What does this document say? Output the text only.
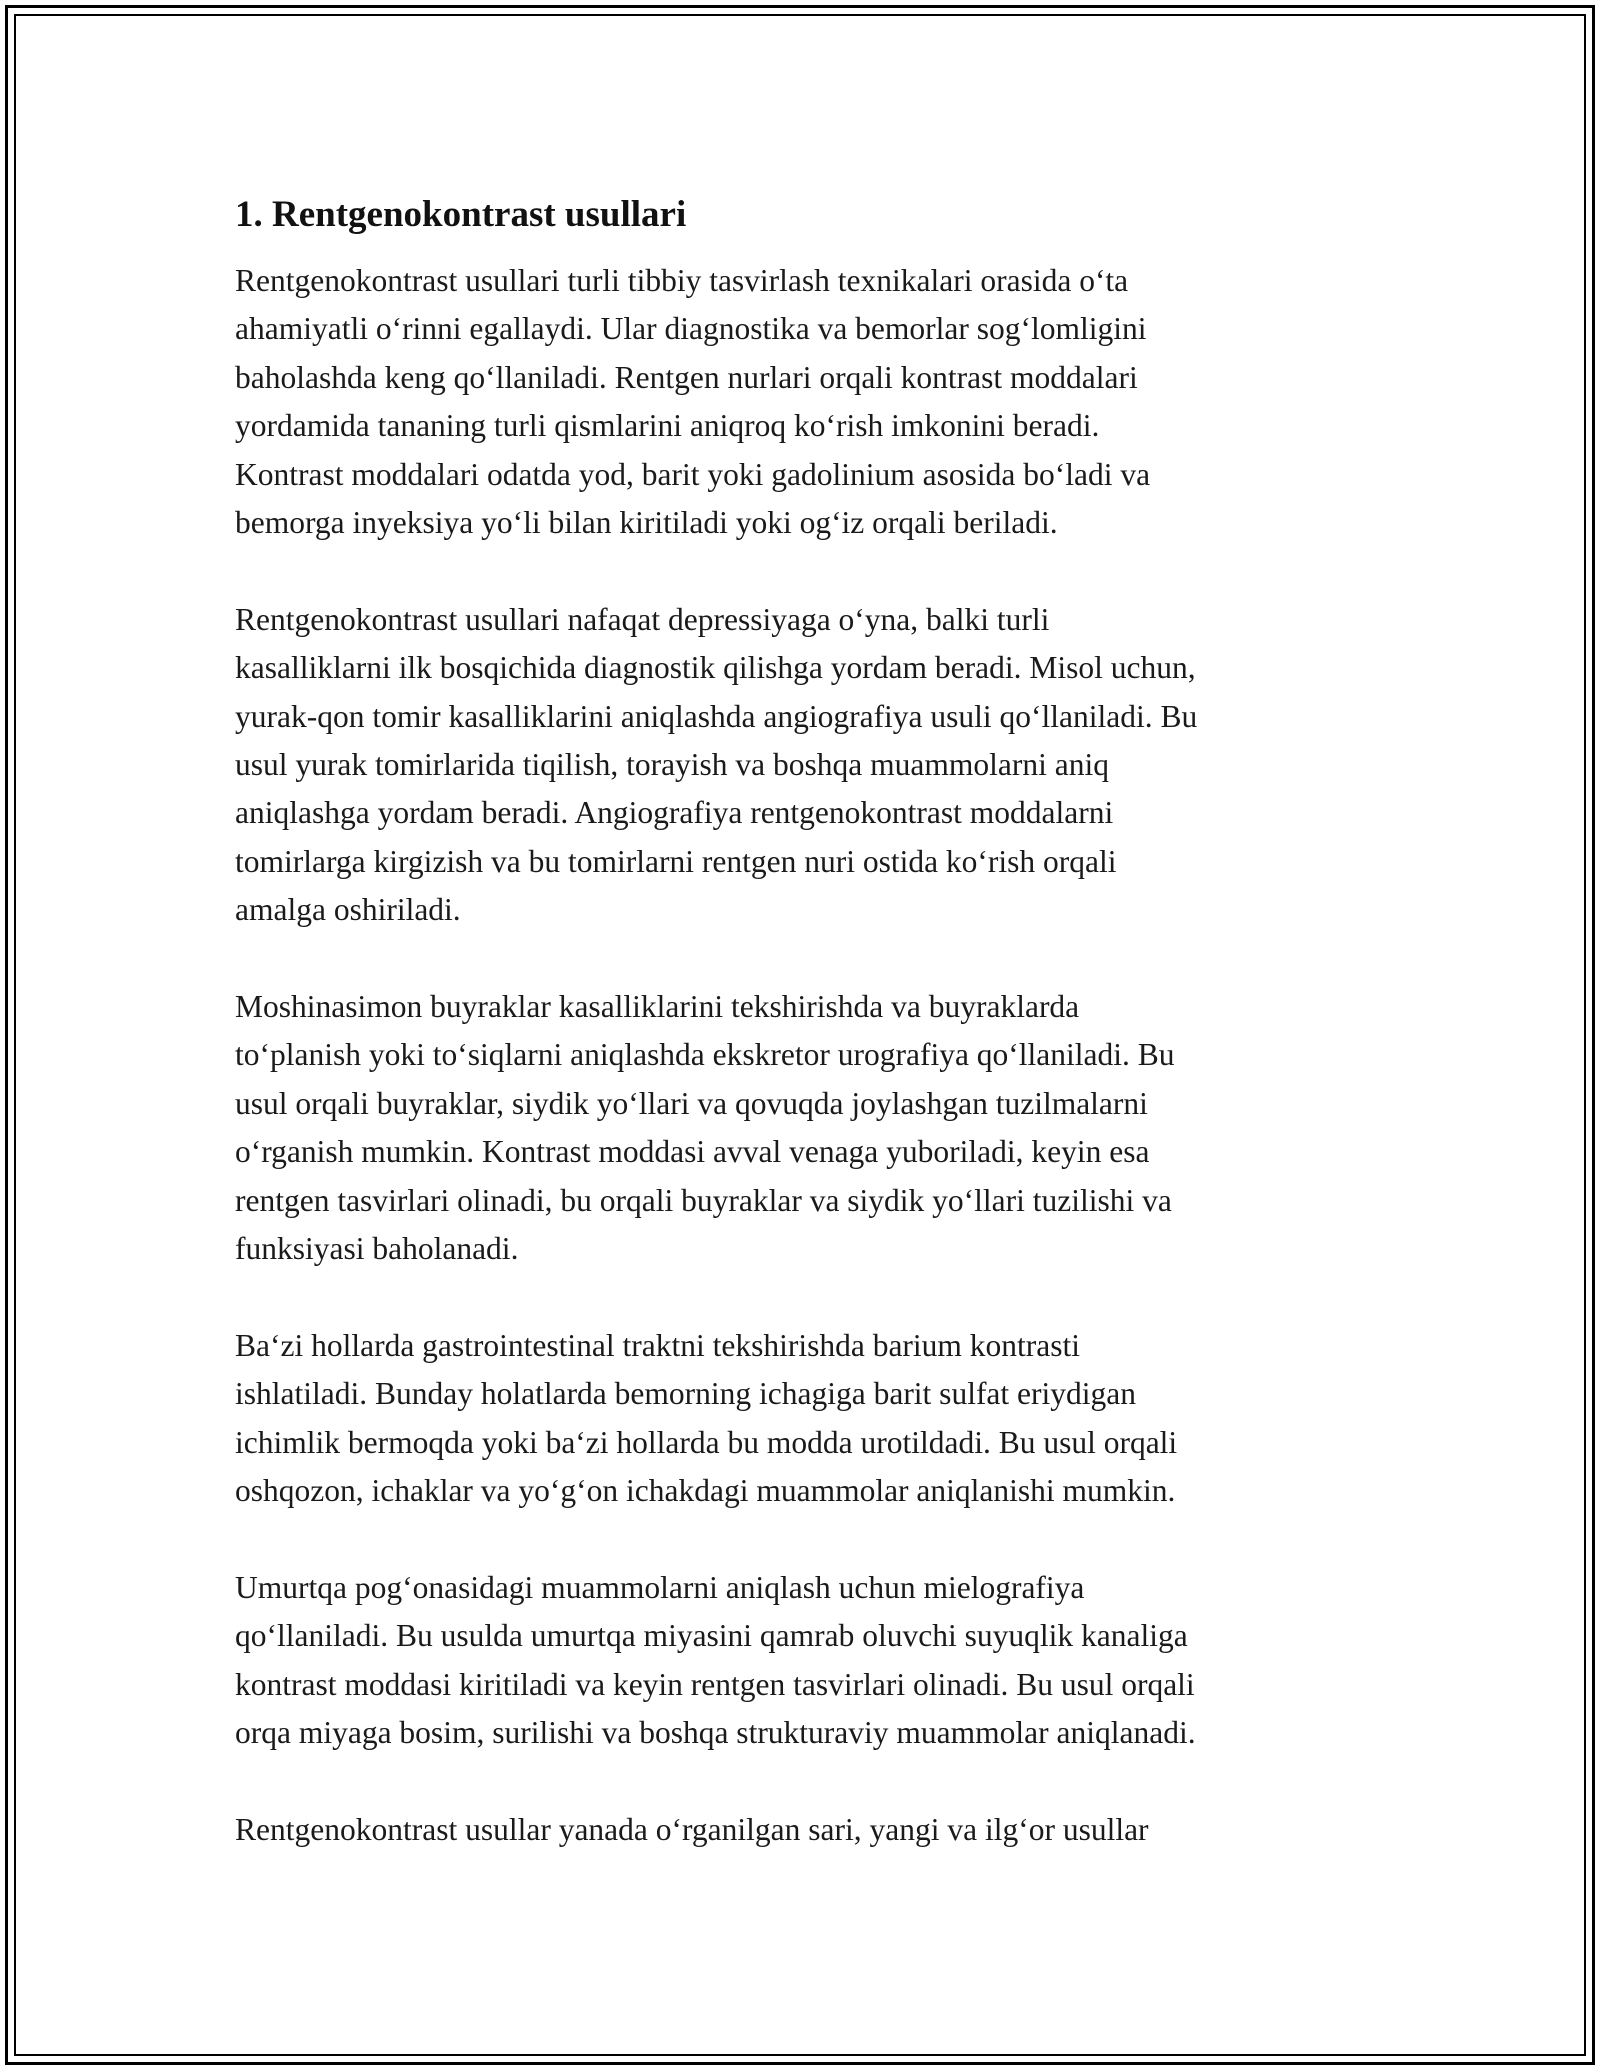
1. Rentgenokontrast usullari

Rentgenokontrast usullari turli tibbiy tasvirlash texnikalari orasida o‘ta
ahamiyatli o‘rinni egallaydi. Ular diagnostika va bemorlar sog‘lomligini
baholashda keng qo‘llaniladi. Rentgen nurlari orqali kontrast moddalari
yordamida tananing turli qismlarini aniqroq ko‘rish imkonini beradi.
Kontrast moddalari odatda yod, barit yoki gadolinium asosida bo‘ladi va
bemorga inyeksiya yo‘li bilan kiritiladi yoki og‘iz orqali beriladi.

Rentgenokontrast usullari nafaqat depressiyaga o‘yna, balki turli
kasalliklarni ilk bosqichida diagnostik qilishga yordam beradi. Misol uchun,
yurak-qon tomir kasalliklarini aniqlashda angiografiya usuli qo‘llaniladi. Bu
usul yurak tomirlarida tiqilish, torayish va boshqa muammolarni aniq
aniqlashga yordam beradi. Angiografiya rentgenokontrast moddalarni
tomirlarga kirgizish va bu tomirlarni rentgen nuri ostida ko‘rish orqali
amalga oshiriladi.

Moshinasimon buyraklar kasalliklarini tekshirishda va buyraklarda
to‘planish yoki to‘siqlarni aniqlashda ekskretor urografiya qo‘llaniladi. Bu
usul orqali buyraklar, siydik yo‘llari va qovuqda joylashgan tuzilmalarni
o‘rganish mumkin. Kontrast moddasi avval venaga yuboriladi, keyin esa
rentgen tasvirlari olinadi, bu orqali buyraklar va siydik yo‘llari tuzilishi va
funksiyasi baholanadi.

Ba‘zi hollarda gastrointestinal traktni tekshirishda barium kontrasti
ishlatiladi. Bunday holatlarda bemorning ichagiga barit sulfat eriydigan
ichimlik bermoqda yoki ba‘zi hollarda bu modda urotildadi. Bu usul orqali
oshqozon, ichaklar va yo‘g‘on ichakdagi muammolar aniqlanishi mumkin.

Umurtqa pog‘onasidagi muammolarni aniqlash uchun mielografiya
qo‘llaniladi. Bu usulda umurtqa miyasini qamrab oluvchi suyuqlik kanaliga
kontrast moddasi kiritiladi va keyin rentgen tasvirlari olinadi. Bu usul orqali
orqa miyaga bosim, surilishi va boshqa strukturaviy muammolar aniqlanadi.

Rentgenokontrast usullar yanada o‘rganilgan sari, yangi va ilg‘or usullar
